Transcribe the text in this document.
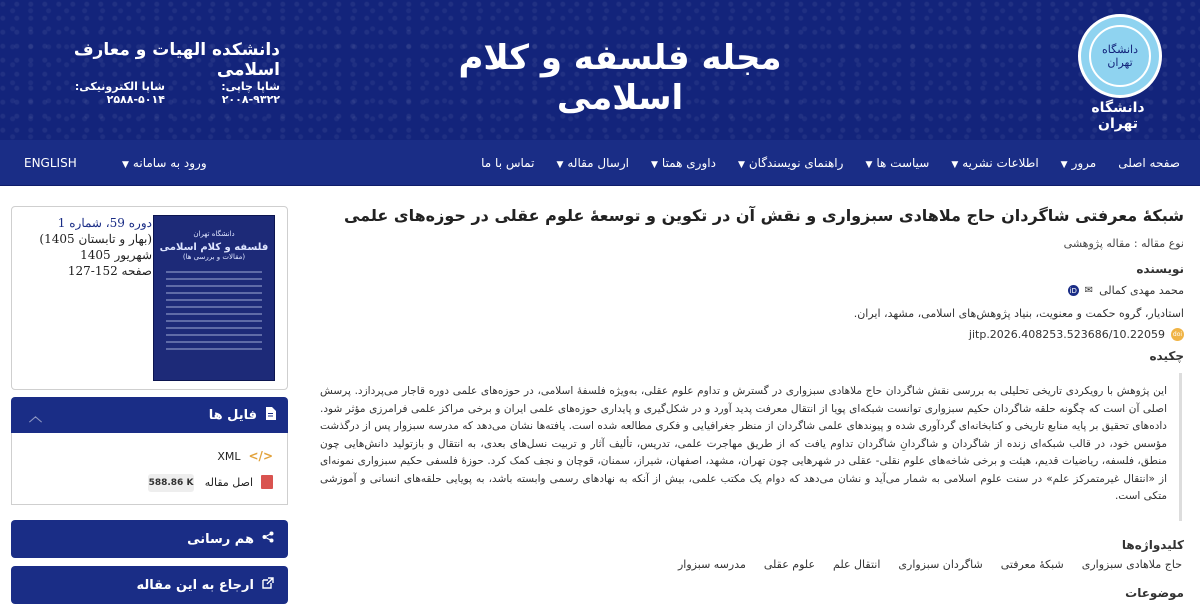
دانشگاه تهران
دانشگاه تهران
مجله فلسفه و کلام اسلامی
دانشکده الهیات و معارف اسلامی
شاپا چاپی: ۹۳۲۲-۲۰۰۸
شاپا الکترونیکی: ۵۰۱۴-۲۵۸۸
صفحه اصلی
مرور▼
اطلاعات نشریه▼
سیاست ها▼
راهنمای نویسندگان▼
داوری همتا▼
ارسال مقاله▼
تماس با ما
ورود به سامانه▼
ENGLISH
دانشگاه تهران
فلسفه و کلام اسلامی
(مقالات و بررسی ها)
دوره 59، شماره 1
(بهار و تابستان 1405)
شهریور 1405
صفحه 152-127
فایل ها
︿
</>
XML
اصل مقاله
588.86 K
هم رسانی
ارجاع به این مقاله
شبکۀ معرفتی شاگردان حاج ملاهادی سبزواری و نقش آن در تکوین و توسعۀ علوم عقلی در حوزه‌های علمی
نوع مقاله : مقاله پژوهشی
نویسنده
محمد مهدی کمالی
✉
iD
استادیار، گروه حکمت و معنویت، بنیاد پژوهش‌های اسلامی، مشهد، ایران.
doi
10.22059/jitp.2026.408253.523686
چکیده
این پژوهش با رویکردی تاریخی تحلیلی به بررسی نقش شاگردان حاج ملاهادی سبزواری در گسترش و تداوم علوم عقلی، به‌ویژه فلسفۀ اسلامی، در حوزه‌های علمی دوره قاجار می‌پردازد. پرسش اصلی آن است که چگونه حلقه شاگردان حکیم سبزواری توانست شبکه‌ای پویا از انتقال معرفت پدید آورد و در شکل‌گیری و پایداری حوزه‌های علمی ایران و برخی مراکز علمی فرامرزی مؤثر شود. داده‌های تحقیق بر پایه منابع تاریخی و کتابخانه‌ای گردآوری شده و پیوندهای علمی شاگردان از منظر جغرافیایی و فکری مطالعه شده است. یافته‌ها نشان می‌دهد که مدرسه سبزوار پس از درگذشت مؤسس خود، در قالب شبکه‌ای زنده از شاگردان و شاگردانِ شاگردان تداوم یافت که از طریق مهاجرت علمی، تدریس، تألیف آثار و تربیت نسل‌های بعدی، به انتقال و بازتولید دانش‌هایی چون منطق، فلسفه، ریاضیات قدیم، هیئت و برخی شاخه‌های علوم نقلی- عقلی در شهرهایی چون تهران، مشهد، اصفهان، شیراز، سمنان، قوچان و نجف کمک کرد. حوزۀ فلسفی حکیم سبزواری نمونه‌ای از «انتقال غیرمتمرکز علم» در سنت علوم اسلامی به شمار می‌آید و نشان می‌دهد که دوام یک مکتب علمی، بیش از آنکه به نهادهای رسمی وابسته باشد، به پویایی حلقه‌های انسانی و آموزشی متکی است.
کلیدواژه‌ها
حاج ملاهادی سبزواری
شبکۀ معرفتی
شاگردان سبزواری
انتقال علم
علوم عقلی
مدرسه سبزوار
موضوعات
